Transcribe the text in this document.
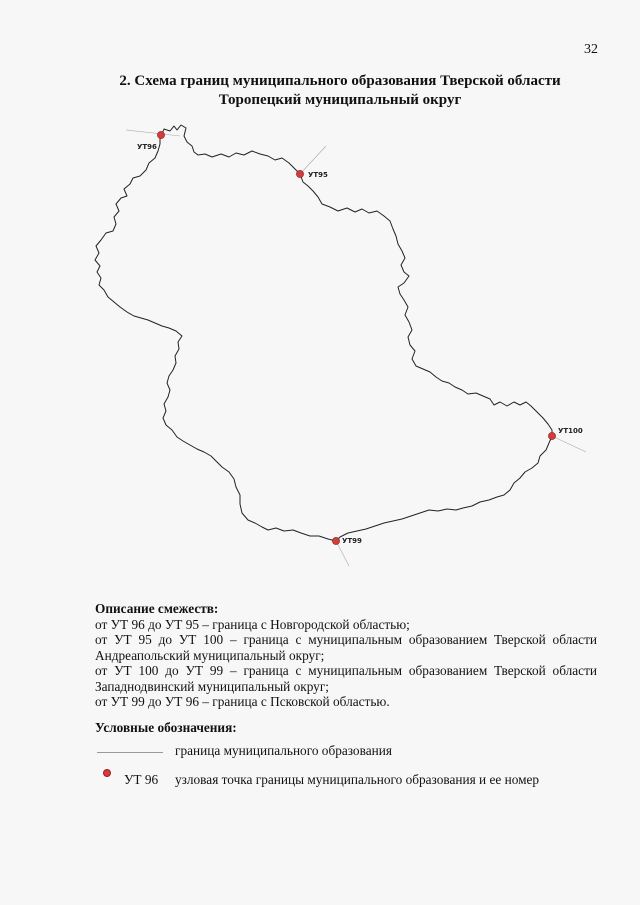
32
2. Схема границ муниципального образования Тверской области
Торопецкий муниципальный округ
УТ96
УТ95
УТ100
УТ99
Описание смежеств:
от УТ 96 до УТ 95 – граница с Новгородской областью;
от УТ 95 до УТ 100 – граница с муниципальным образованием Тверской области
Андреапольский муниципальный округ;
от УТ 100 до УТ 99 – граница с муниципальным образованием Тверской области
Западнодвинский муниципальный округ;
от УТ 99 до УТ 96 – граница с Псковской областью.
Условные обозначения:
граница муниципального образования
УТ 96 узловая точка границы муниципального образования и ее номер
